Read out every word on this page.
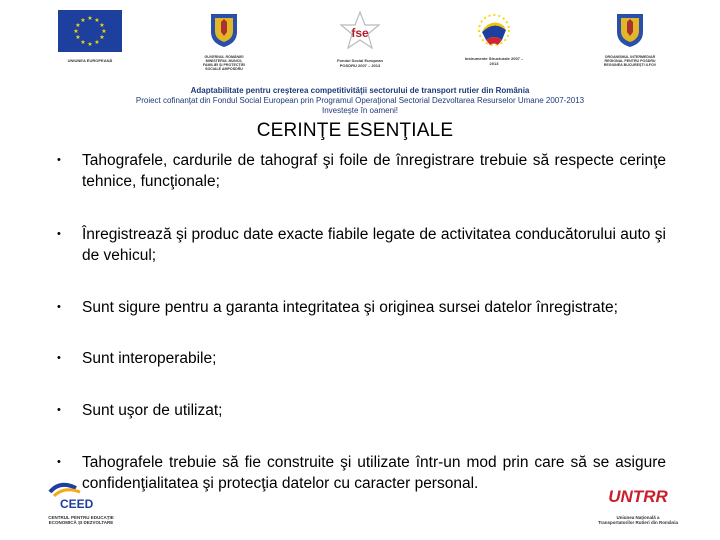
★ ★
★
★
★
★
★
★
★
★
★
★
UNIUNEA EUROPEANĂ
GUVERNUL ROMÂNIEI MINISTERUL MUNCII, FAMILIEI ȘI PROTECȚIEI SOCIALE AMPOSDRU
fse
Fondul Social European POSDRU 2007 – 2013
Instrumente Structurale 2007 – 2013
ORGANISMUL INTERMEDIAR REGIONAL PENTRU POSDRU REGIUNEA BUCUREȘTI ILFOV
Adaptabilitate pentru creşterea competitivităţii sectorului de transport rutier din România
Proiect cofinanţat din Fondul Social European prin Programul Operaţional Sectorial Dezvoltarea Resurselor Umane 2007-2013
Investeşte în oameni!
CERINŢE ESENŢIALE
• Tahografele, cardurile de tahograf şi foile de înregistrare trebuie să respecte cerinţe tehnice, funcţionale;
• Înregistrează şi produc date exacte fiabile legate de activitatea conducătorului auto şi de vehicul;
• Sunt sigure pentru a garanta integritatea şi originea sursei datelor înregistrate;
• Sunt interoperabile;
• Sunt uşor de utilizat;
• Tahografele trebuie să fie construite şi utilizate într-un mod prin care să se asigure confidenţialitatea şi protecţia datelor cu caracter personal.
CEED
CENTRUL PENTRU EDUCAȚIE ECONOMICĂ ȘI DEZVOLTARE
UNTRR
Uniunea Naţională a Transportatorilor Rutieri din România
